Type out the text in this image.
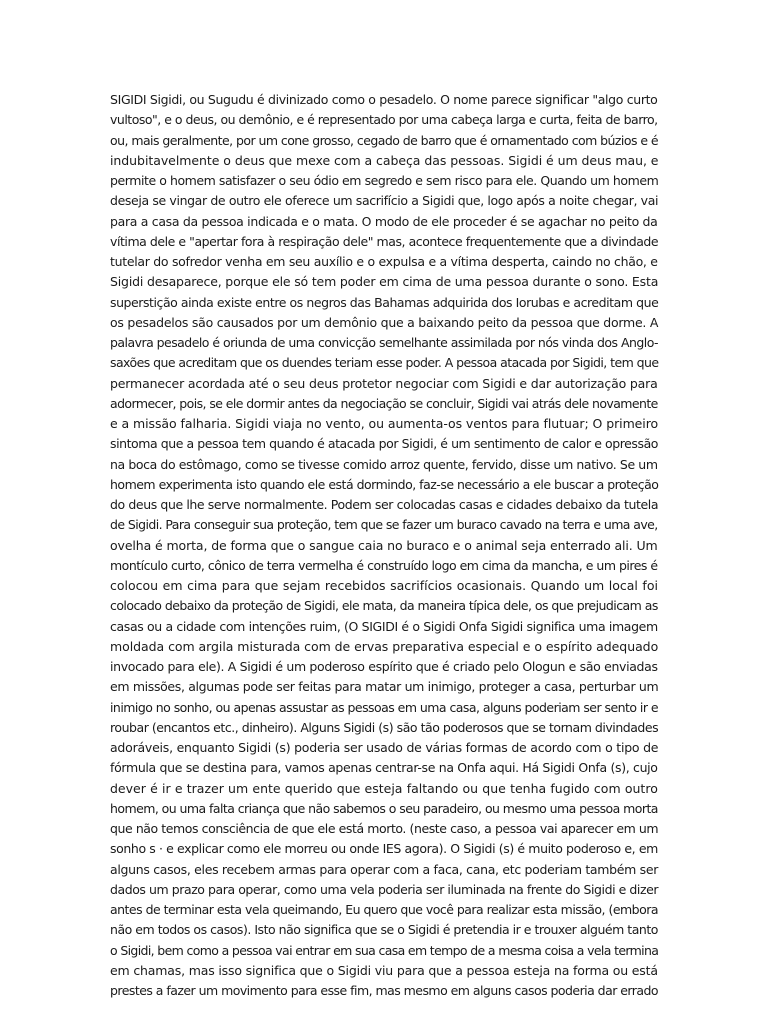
SIGIDI Sigidi, ou Sugudu é divinizado como o pesadelo. O nome parece significar "algo curto
vultoso", e o deus, ou demônio, e é representado por uma cabeça larga e curta, feita de barro,
ou, mais geralmente, por um cone grosso, cegado de barro que é ornamentado com búzios e é
indubitavelmente o deus que mexe com a cabeça das pessoas. Sigidi é um deus mau, e
permite o homem satisfazer o seu ódio em segredo e sem risco para ele. Quando um homem
deseja se vingar de outro ele oferece um sacrifício a Sigidi que, logo após a noite chegar, vai
para a casa da pessoa indicada e o mata. O modo de ele proceder é se agachar no peito da
vítima dele e "apertar fora à respiração dele" mas, acontece frequentemente que a divindade
tutelar do sofredor venha em seu auxílio e o expulsa e a vítima desperta, caindo no chão, e
Sigidi desaparece, porque ele só tem poder em cima de uma pessoa durante o sono. Esta
superstição ainda existe entre os negros das Bahamas adquirida dos Iorubas e acreditam que
os pesadelos são causados por um demônio que a baixando peito da pessoa que dorme. A
palavra pesadelo é oriunda de uma convicção semelhante assimilada por nós vinda dos Anglo-
saxões que acreditam que os duendes teriam esse poder. A pessoa atacada por Sigidi, tem que
permanecer acordada até o seu deus protetor negociar com Sigidi e dar autorização para
adormecer, pois, se ele dormir antes da negociação se concluir, Sigidi vai atrás dele novamente
e a missão falharia. Sigidi viaja no vento, ou aumenta-os ventos para flutuar; O primeiro
sintoma que a pessoa tem quando é atacada por Sigidi, é um sentimento de calor e opressão
na boca do estômago, como se tivesse comido arroz quente, fervido, disse um nativo. Se um
homem experimenta isto quando ele está dormindo, faz-se necessário a ele buscar a proteção
do deus que lhe serve normalmente. Podem ser colocadas casas e cidades debaixo da tutela
de Sigidi. Para conseguir sua proteção, tem que se fazer um buraco cavado na terra e uma ave,
ovelha é morta, de forma que o sangue caia no buraco e o animal seja enterrado ali. Um
montículo curto, cônico de terra vermelha é construído logo em cima da mancha, e um pires é
colocou em cima para que sejam recebidos sacrifícios ocasionais. Quando um local foi
colocado debaixo da proteção de Sigidi, ele mata, da maneira típica dele, os que prejudicam as
casas ou a cidade com intenções ruim, (O SIGIDI é o Sigidi Onfa Sigidi significa uma imagem
moldada com argila misturada com de ervas preparativa especial e o espírito adequado
invocado para ele). A Sigidi é um poderoso espírito que é criado pelo Ologun e são enviadas
em missões, algumas pode ser feitas para matar um inimigo, proteger a casa, perturbar um
inimigo no sonho, ou apenas assustar as pessoas em uma casa, alguns poderiam ser sento ir e
roubar (encantos etc., dinheiro). Alguns Sigidi (s) são tão poderosos que se tornam divindades
adoráveis, enquanto Sigidi (s) poderia ser usado de várias formas de acordo com o tipo de
fórmula que se destina para, vamos apenas centrar-se na Onfa aqui. Há Sigidi Onfa (s), cujo
dever é ir e trazer um ente querido que esteja faltando ou que tenha fugido com outro
homem, ou uma falta criança que não sabemos o seu paradeiro, ou mesmo uma pessoa morta
que não temos consciência de que ele está morto. (neste caso, a pessoa vai aparecer em um
sonho s · e explicar como ele morreu ou onde IES agora). O Sigidi (s) é muito poderoso e, em
alguns casos, eles recebem armas para operar com a faca, cana, etc poderiam também ser
dados um prazo para operar, como uma vela poderia ser iluminada na frente do Sigidi e dizer
antes de terminar esta vela queimando, Eu quero que você para realizar esta missão, (embora
não em todos os casos). Isto não significa que se o Sigidi é pretendia ir e trouxer alguém tanto
o Sigidi, bem como a pessoa vai entrar em sua casa em tempo de a mesma coisa a vela termina
em chamas, mas isso significa que o Sigidi viu para que a pessoa esteja na forma ou está
prestes a fazer um movimento para esse fim, mas mesmo em alguns casos poderia dar errado
